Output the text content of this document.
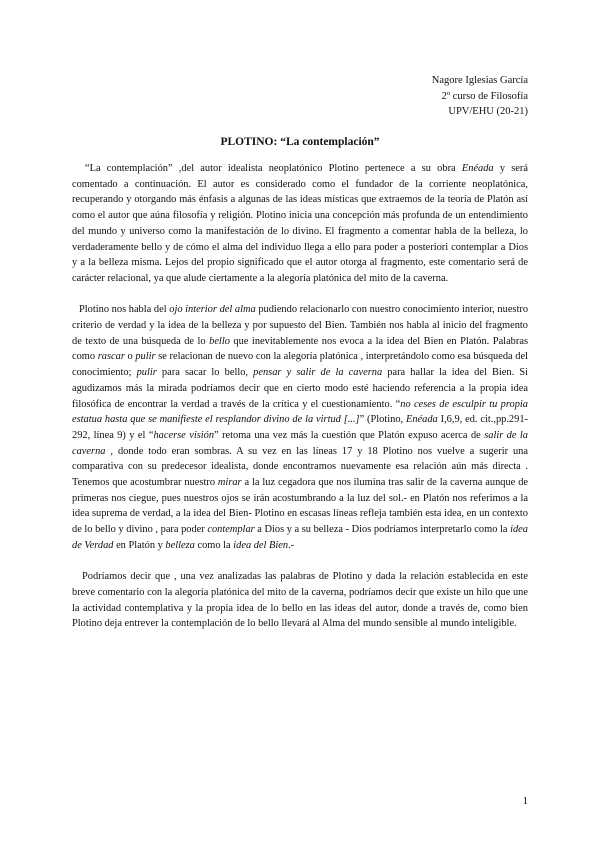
Nagore Iglesias García
2º curso de Filosofía
UPV/EHU (20-21)
PLOTINO: “La contemplación”

“La contemplación” ,del autor idealista neoplatónico Plotino pertenece a su obra Enéada y será comentado a continuación. El autor es considerado como el fundador de la corriente neoplatónica, recuperando y otorgando más énfasis a algunas de las ideas místicas que extraemos de la teoría de Platón así como el autor que aúna filosofía y religión. Plotino inicia una concepción más profunda de un entendimiento del mundo y universo como la manifestación de lo divino. El fragmento a comentar habla de la belleza, lo verdaderamente bello y de cómo el alma del individuo llega a ello para poder a posteriori contemplar a Dios y a la belleza misma. Lejos del propio significado que el autor otorga al fragmento, este comentario será de carácter relacional, ya que alude ciertamente a la alegoría platónica del mito de la caverna.

Plotino nos habla del ojo interior del alma pudiendo relacionarlo con nuestro conocimiento interior, nuestro criterio de verdad y la idea de la belleza y por supuesto del Bien. También nos habla al inicio del fragmento de texto de una búsqueda de lo bello que inevitablemente nos evoca a la idea del Bien en Platón. Palabras como rascar o pulir se relacionan de nuevo con la alegoría platónica , interpretándolo como esa búsqueda del conocimiento; pulir para sacar lo bello, pensar y salir de la caverna para hallar la idea del Bien. Si agudizamos más la mirada podríamos decir que en cierto modo esté haciendo referencia a la propia idea filosófica de encontrar la verdad a través de la crítica y el cuestionamiento. “no ceses de esculpir tu propia estatua hasta que se manifieste el resplandor divino de la virtud [...]” (Plotino, Enéada I,6,9, ed. cit.,pp.291-292, línea 9) y el “hacerse visión” retoma una vez más la cuestión que Platón expuso acerca de salir de la caverna , donde todo eran sombras. A su vez en las líneas 17 y 18 Plotino nos vuelve a sugerir una comparativa con su predecesor idealista, donde encontramos nuevamente esa relación aún más directa . Tenemos que acostumbrar nuestro mirar a la luz cegadora que nos ilumina tras salir de la caverna aunque de primeras nos ciegue, pues nuestros ojos se irán acostumbrando a la luz del sol.- en Platón nos referimos a la idea suprema de verdad, a la idea del Bien- Plotino en escasas líneas refleja también esta idea, en un contexto de lo bello y divino , para poder contemplar a Dios y a su belleza - Dios podríamos interpretarlo como la idea de Verdad en Platón y belleza como la idea del Bien.-

Podríamos decir que , una vez analizadas las palabras de Plotino y dada la relación establecida en este breve comentario con la alegoría platónica del mito de la caverna, podríamos decir que existe un hilo que une la actividad contemplativa y la propia idea de lo bello en las ideas del autor, donde a través de, como bien Plotino deja entrever la contemplación de lo bello llevará al Alma del mundo sensible al mundo inteligible.

1
